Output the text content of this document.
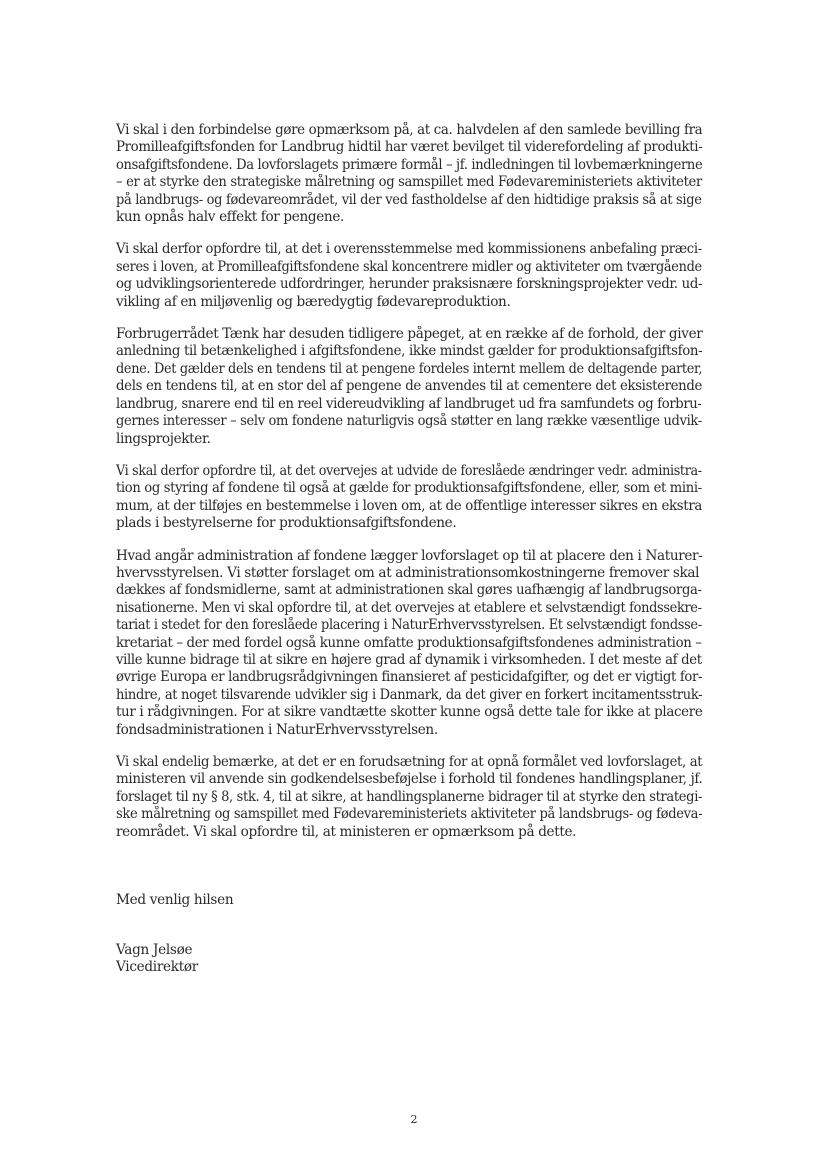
Vi skal i den forbindelse gøre opmærksom på, at ca. halvdelen af den samlede bevilling fra
Promilleafgiftsfonden for Landbrug hidtil har været bevilget til viderefordeling af produkti-
onsafgiftsfondene. Da lovforslagets primære formål – jf. indledningen til lovbemærkningerne
– er at styrke den strategiske målretning og samspillet med Fødevareministeriets aktiviteter
på landbrugs- og fødevareområdet, vil der ved fastholdelse af den hidtidige praksis så at sige
kun opnås halv effekt for pengene.

Vi skal derfor opfordre til, at det i overensstemmelse med kommissionens anbefaling præci-
seres i loven, at Promilleafgiftsfondene skal koncentrere midler og aktiviteter om tværgående
og udviklingsorienterede udfordringer, herunder praksisnære forskningsprojekter vedr. ud-
vikling af en miljøvenlig og bæredygtig fødevareproduktion.

Forbrugerrådet Tænk har desuden tidligere påpeget, at en række af de forhold, der giver
anledning til betænkelighed i afgiftsfondene, ikke mindst gælder for produktionsafgiftsfon-
dene. Det gælder dels en tendens til at pengene fordeles internt mellem de deltagende parter,
dels en tendens til, at en stor del af pengene de anvendes til at cementere det eksisterende
landbrug, snarere end til en reel videreudvikling af landbruget ud fra samfundets og forbru-
gernes interesser – selv om fondene naturligvis også støtter en lang række væsentlige udvik-
lingsprojekter.

Vi skal derfor opfordre til, at det overvejes at udvide de foreslåede ændringer vedr. administra-
tion og styring af fondene til også at gælde for produktionsafgiftsfondene, eller, som et mini-
mum, at der tilføjes en bestemmelse i loven om, at de offentlige interesser sikres en ekstra
plads i bestyrelserne for produktionsafgiftsfondene.

Hvad angår administration af fondene lægger lovforslaget op til at placere den i Naturer-
hvervsstyrelsen. Vi støtter forslaget om at administrationsomkostningerne fremover skal
dækkes af fondsmidlerne, samt at administrationen skal gøres uafhængig af landbrugsorga-
nisationerne. Men vi skal opfordre til, at det overvejes at etablere et selvstændigt fondssekre-
tariat i stedet for den foreslåede placering i NaturErhvervsstyrelsen. Et selvstændigt fondsse-
kretariat – der med fordel også kunne omfatte produktionsafgiftsfondenes administration –
ville kunne bidrage til at sikre en højere grad af dynamik i virksomheden. I det meste af det
øvrige Europa er landbrugsrådgivningen finansieret af pesticidafgifter, og det er vigtigt for-
hindre, at noget tilsvarende udvikler sig i Danmark, da det giver en forkert incitamentsstruk-
tur i rådgivningen. For at sikre vandtætte skotter kunne også dette tale for ikke at placere
fondsadministrationen i NaturErhvervsstyrelsen.

Vi skal endelig bemærke, at det er en forudsætning for at opnå formålet ved lovforslaget, at
ministeren vil anvende sin godkendelsesbeføjelse i forhold til fondenes handlingsplaner, jf.
forslaget til ny § 8, stk. 4, til at sikre, at handlingsplanerne bidrager til at styrke den strategi-
ske målretning og samspillet med Fødevareministeriets aktiviteter på landsbrugs- og fødeva-
reområdet. Vi skal opfordre til, at ministeren er opmærksom på dette.

Med venlig hilsen
Vagn Jelsøe
Vicedirektør
2
